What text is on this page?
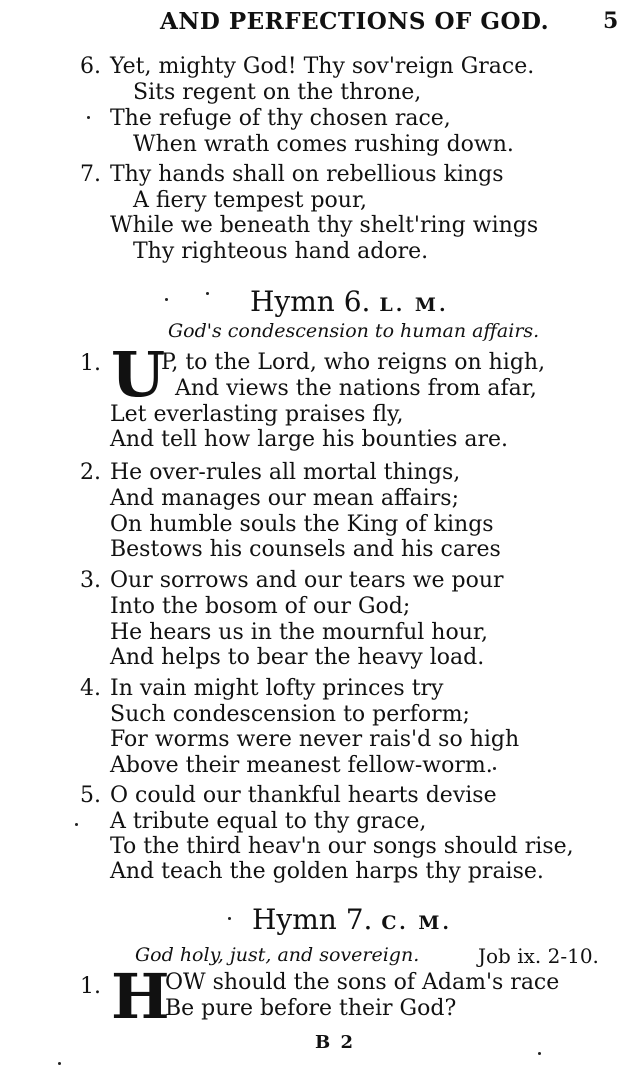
AND PERFECTIONS OF GOD.	5
6. Yet, mighty God! Thy sov'reign Grace.
Sits regent on the throne,
The refuge of thy chosen race,
When wrath comes rushing down.
7. Thy hands shall on rebellious kings
A fiery tempest pour,
While we beneath thy shelt'ring wings
Thy righteous hand adore.
Hymn 6. L. M.
God's condescension to human affairs.
1. U
P, to the Lord, who reigns on high,
And views the nations from afar,
Let everlasting praises fly,
And tell how large his bounties are.
2. He over-rules all mortal things,
And manages our mean affairs;
On humble souls the King of kings
Bestows his counsels and his cares
3. Our sorrows and our tears we pour
Into the bosom of our God;
He hears us in the mournful hour,
And helps to bear the heavy load.
4. In vain might lofty princes try
Such condescension to perform;
For worms were never rais'd so high
Above their meanest fellow-worm.
5. O could our thankful hearts devise
A tribute equal to thy grace,
To the third heav'n our songs should rise,
And teach the golden harps thy praise.
Hymn 7. C. M.
God holy, just, and sovereign.	Job ix. 2-10.
1. H
OW should the sons of Adam's race
Be pure before their God?
B 2
